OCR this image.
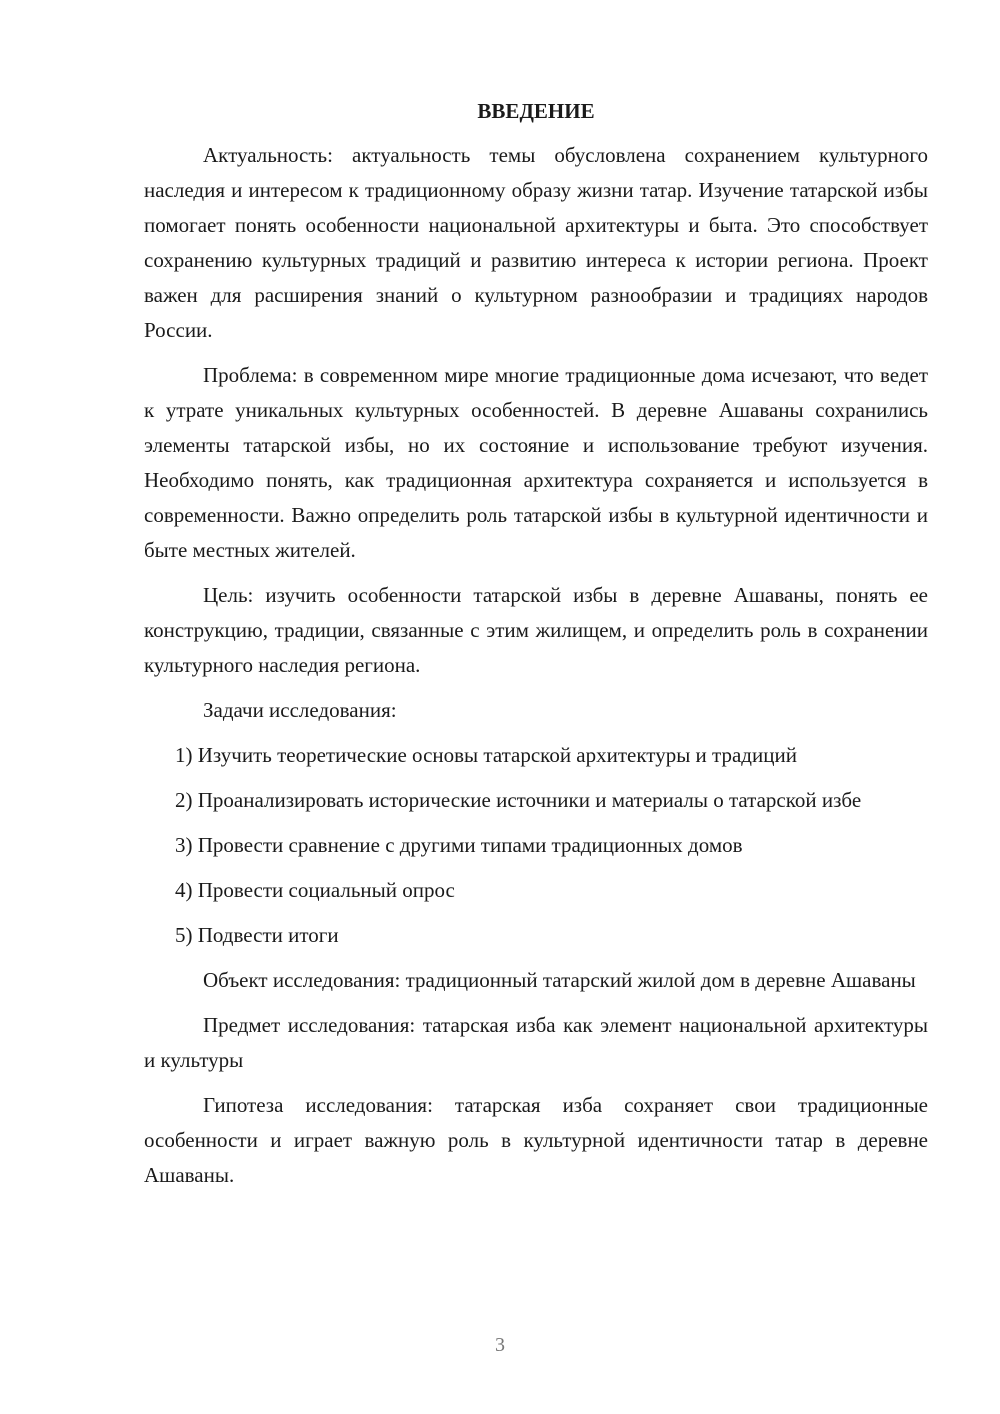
ВВЕДЕНИЕ

Актуальность: актуальность темы обусловлена сохранением культурного наследия и интересом к традиционному образу жизни татар. Изучение татарской избы помогает понять особенности национальной архитектуры и быта. Это способствует сохранению культурных традиций и развитию интереса к истории региона. Проект важен для расширения знаний о культурном разнообразии и традициях народов России.

Проблема: в современном мире многие традиционные дома исчезают, что ведет к утрате уникальных культурных особенностей. В деревне Ашаваны сохранились элементы татарской избы, но их состояние и использование требуют изучения. Необходимо понять, как традиционная архитектура сохраняется и используется в современности. Важно определить роль татарской избы в культурной идентичности и быте местных жителей.

Цель: изучить особенности татарской избы в деревне Ашаваны, понять ее конструкцию, традиции, связанные с этим жилищем, и определить роль в сохранении культурного наследия региона.

Задачи исследования:

1) Изучить теоретические основы татарской архитектуры и традиций

2) Проанализировать исторические источники и материалы о татарской избе

3) Провести сравнение с другими типами традиционных домов

4) Провести социальный опрос

5) Подвести итоги

Объект исследования: традиционный татарский жилой дом в деревне Ашаваны

Предмет исследования: татарская изба как элемент национальной архитектуры и культуры

Гипотеза исследования: татарская изба сохраняет свои традиционные особенности и играет важную роль в культурной идентичности татар в деревне Ашаваны.

3
